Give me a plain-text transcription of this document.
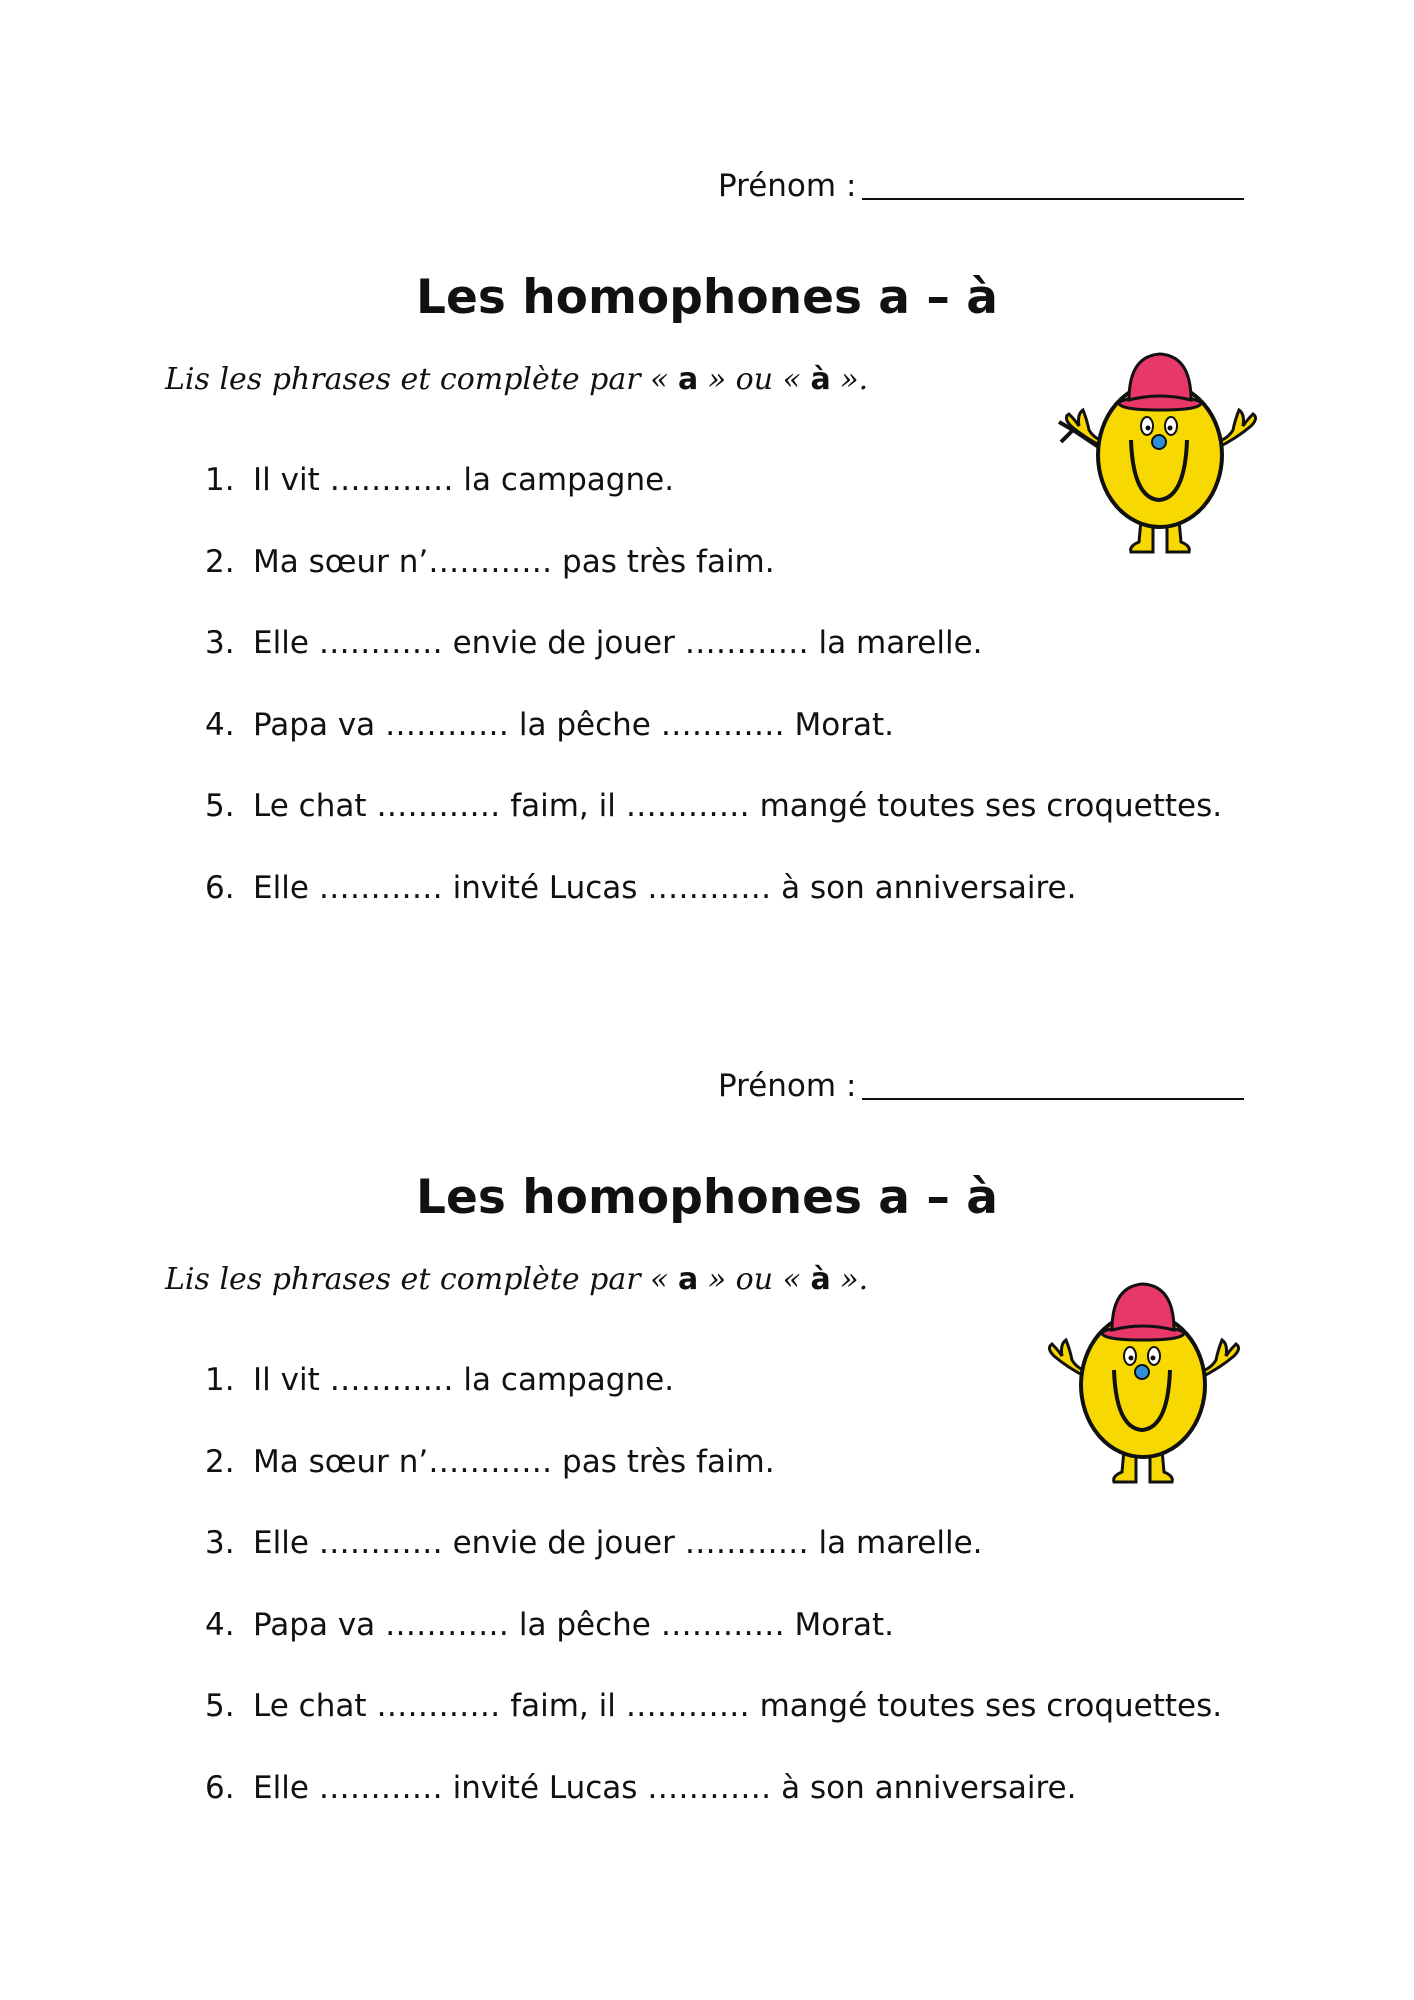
Prénom :
Les homophones a – à
Lis les phrases et complète par « a » ou « à ».
1. Il vit ………… la campagne.
2. Ma sœur n’………… pas très faim.
3. Elle ………… envie de jouer ………… la marelle.
4. Papa va ………… la pêche ………… Morat.
5. Le chat ………… faim, il ………… mangé toutes ses croquettes.
6. Elle ………… invité Lucas ………… à son anniversaire.
Prénom :
Les homophones a – à
Lis les phrases et complète par « a » ou « à ».
1. Il vit ………… la campagne.
2. Ma sœur n’………… pas très faim.
3. Elle ………… envie de jouer ………… la marelle.
4. Papa va ………… la pêche ………… Morat.
5. Le chat ………… faim, il ………… mangé toutes ses croquettes.
6. Elle ………… invité Lucas ………… à son anniversaire.
